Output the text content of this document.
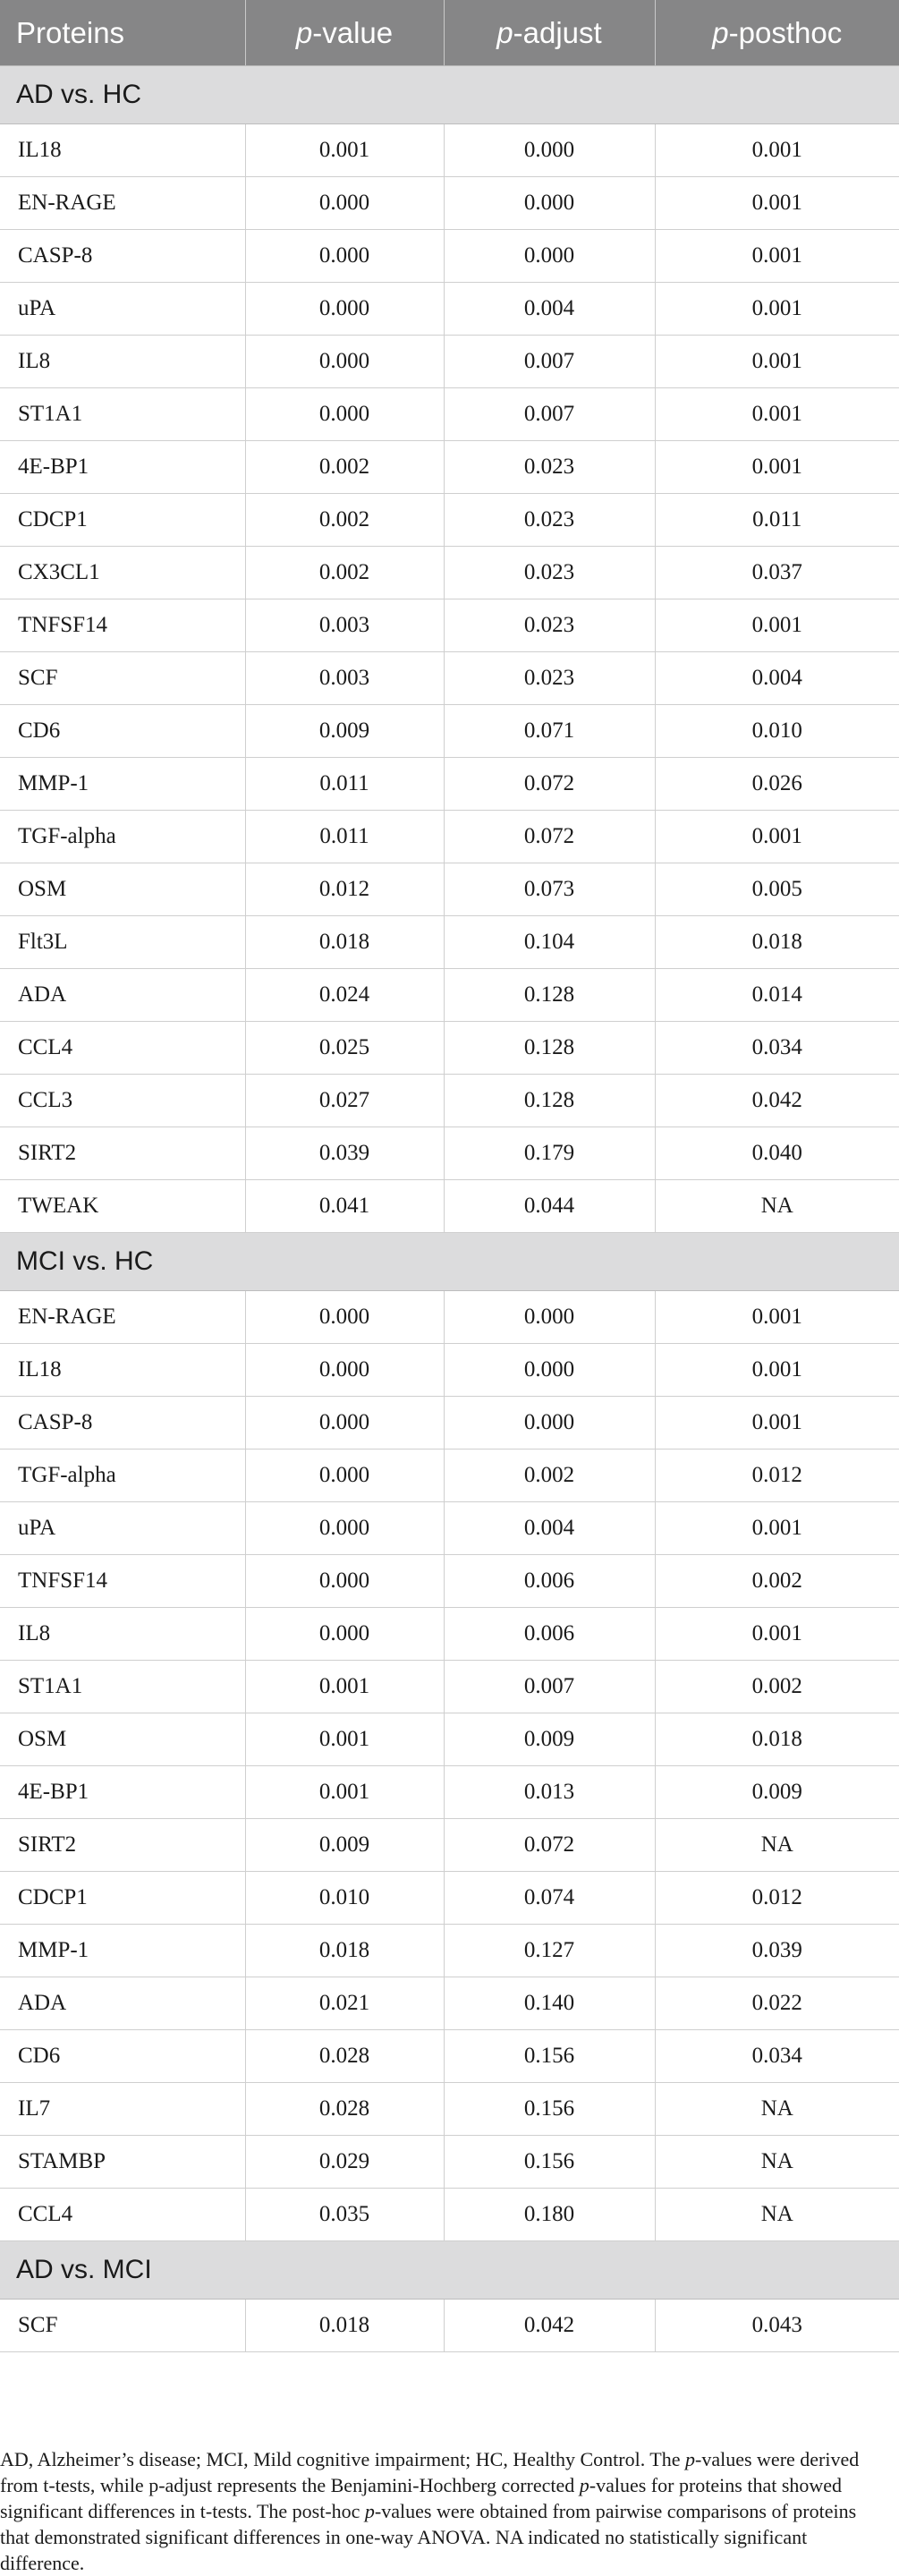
Proteins	p-value	p-adjust	p-posthoc
AD vs. HC			
IL18	0.001	0.000	0.001
EN-RAGE	0.000	0.000	0.001
CASP-8	0.000	0.000	0.001
uPA	0.000	0.004	0.001
IL8	0.000	0.007	0.001
ST1A1	0.000	0.007	0.001
4E-BP1	0.002	0.023	0.001
CDCP1	0.002	0.023	0.011
CX3CL1	0.002	0.023	0.037
TNFSF14	0.003	0.023	0.001
SCF	0.003	0.023	0.004
CD6	0.009	0.071	0.010
MMP-1	0.011	0.072	0.026
TGF-alpha	0.011	0.072	0.001
OSM	0.012	0.073	0.005
Flt3L	0.018	0.104	0.018
ADA	0.024	0.128	0.014
CCL4	0.025	0.128	0.034
CCL3	0.027	0.128	0.042
SIRT2	0.039	0.179	0.040
TWEAK	0.041	0.044	NA
MCI vs. HC			
EN-RAGE	0.000	0.000	0.001
IL18	0.000	0.000	0.001
CASP-8	0.000	0.000	0.001
TGF-alpha	0.000	0.002	0.012
uPA	0.000	0.004	0.001
TNFSF14	0.000	0.006	0.002
IL8	0.000	0.006	0.001
ST1A1	0.001	0.007	0.002
OSM	0.001	0.009	0.018
4E-BP1	0.001	0.013	0.009
SIRT2	0.009	0.072	NA
CDCP1	0.010	0.074	0.012
MMP-1	0.018	0.127	0.039
ADA	0.021	0.140	0.022
CD6	0.028	0.156	0.034
IL7	0.028	0.156	NA
STAMBP	0.029	0.156	NA
CCL4	0.035	0.180	NA
AD vs. MCI			
SCF	0.018	0.042	0.043
AD, Alzheimer’s disease; MCI, Mild cognitive impairment; HC, Healthy Control. The p-values were derived from t-tests, while p-adjust represents the Benjamini-Hochberg corrected p-values for proteins that showed significant differences in t-tests. The post-hoc p-values were obtained from pairwise comparisons of proteins that demonstrated significant differences in one-way ANOVA. NA indicated no statistically significant difference.
